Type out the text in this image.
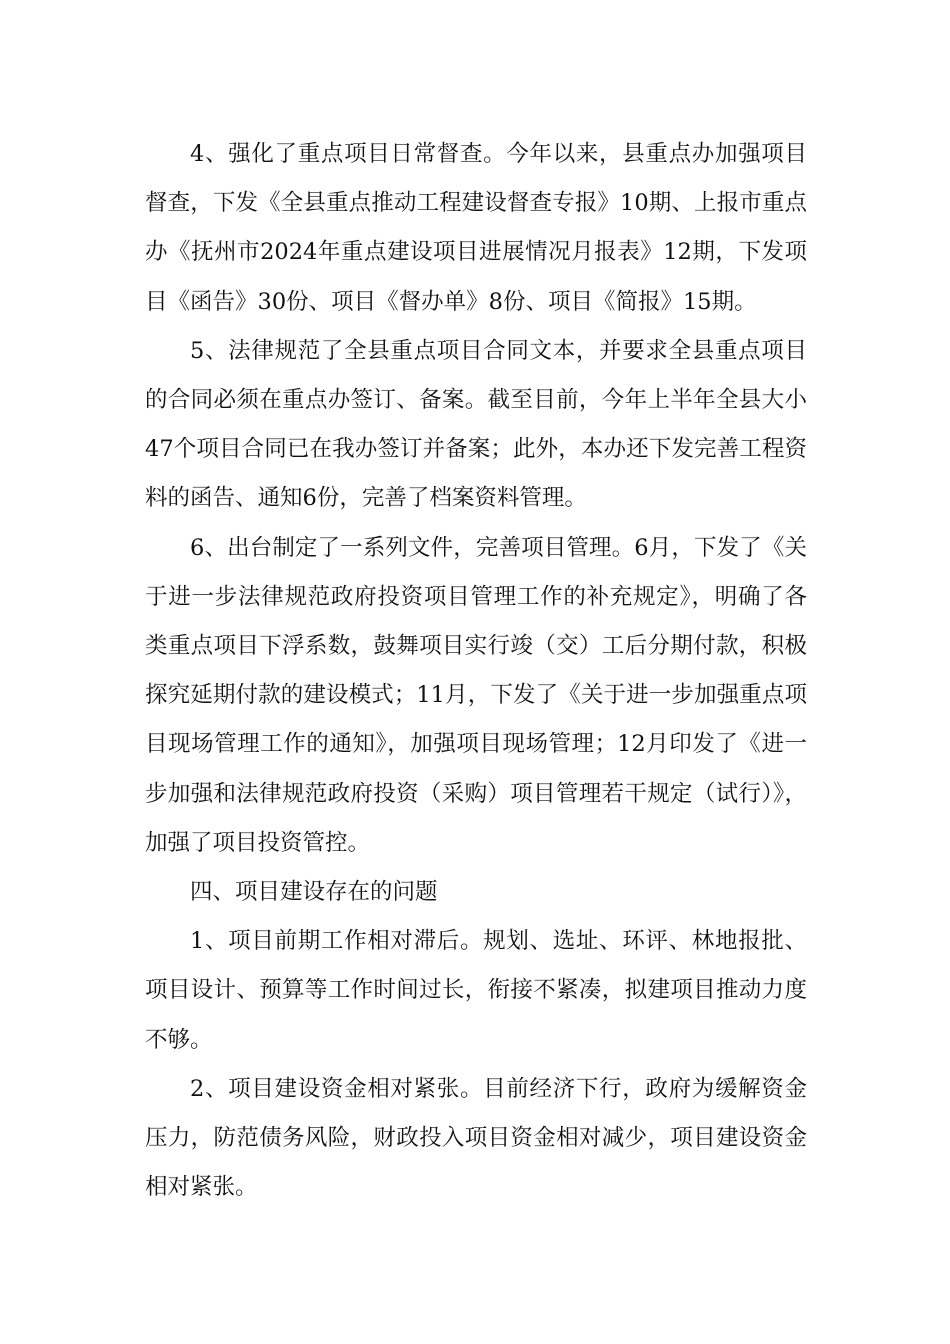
4、强化了重点项目日常督查。今年以来，县重点办加强项目督查，下发《全县重点推动工程建设督查专报》10期、上报市重点办《抚州市2024年重点建设项目进展情况月报表》12期，下发项目《函告》30份、项目《督办单》8份、项目《简报》15期。

5、法律规范了全县重点项目合同文本，并要求全县重点项目的合同必须在重点办签订、备案。截至目前，今年上半年全县大小47个项目合同已在我办签订并备案；此外，本办还下发完善工程资料的函告、通知6份，完善了档案资料管理。

6、出台制定了一系列文件，完善项目管理。6月，下发了《关于进一步法律规范政府投资项目管理工作的补充规定》，明确了各类重点项目下浮系数，鼓舞项目实行竣（交）工后分期付款，积极探究延期付款的建设模式；11月，下发了《关于进一步加强重点项目现场管理工作的通知》，加强项目现场管理；12月印发了《进一步加强和法律规范政府投资（采购）项目管理若干规定（试行）》，加强了项目投资管控。

四、项目建设存在的问题

1、项目前期工作相对滞后。规划、选址、环评、林地报批、项目设计、预算等工作时间过长，衔接不紧凑，拟建项目推动力度不够。

2、项目建设资金相对紧张。目前经济下行，政府为缓解资金压力，防范债务风险，财政投入项目资金相对减少，项目建设资金相对紧张。
